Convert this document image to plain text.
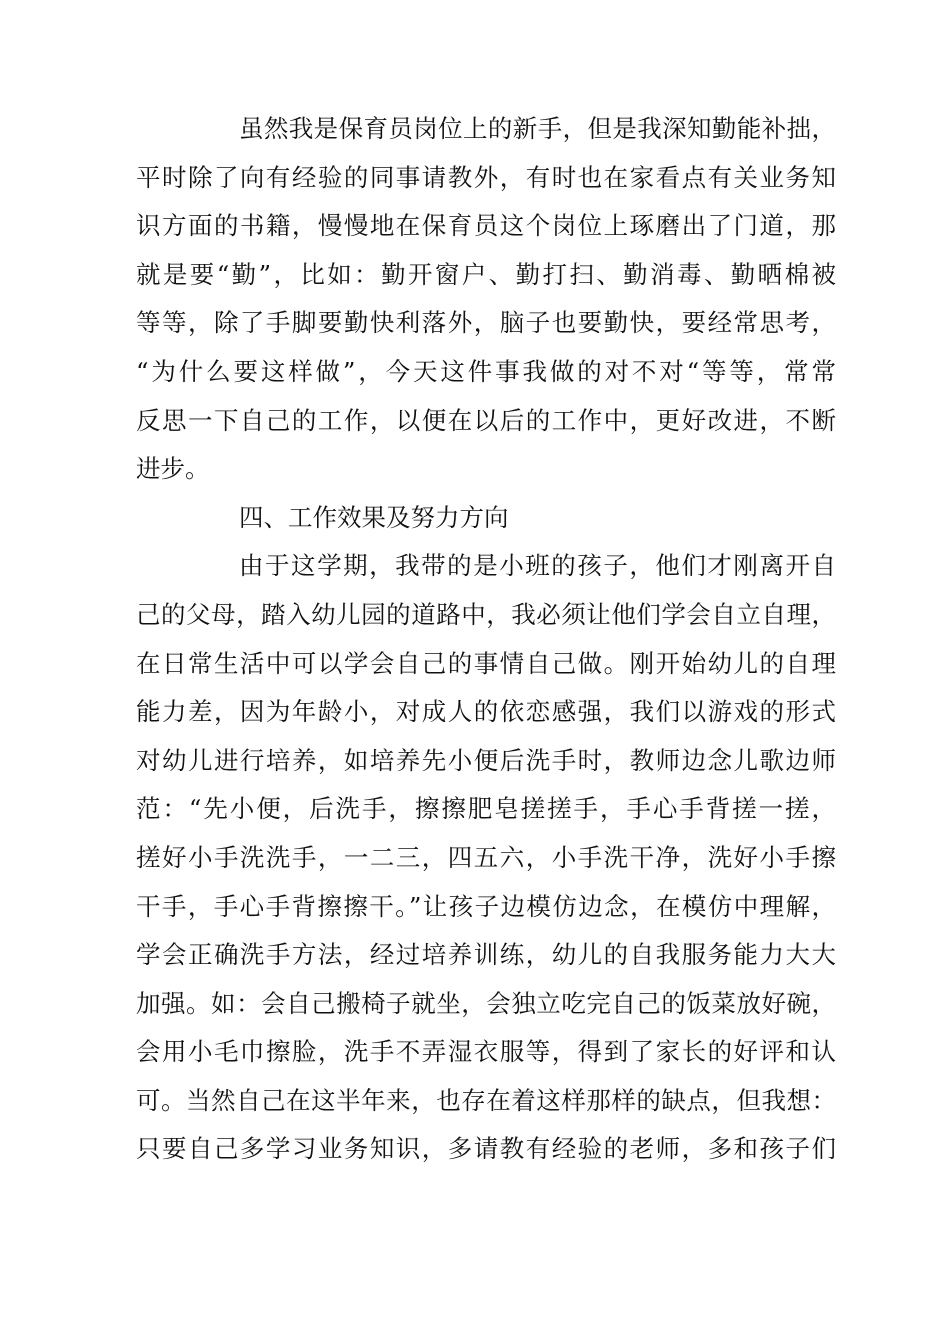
虽然我是保育员岗位上的新手，但是我深知勤能补拙，
平时除了向有经验的同事请教外，有时也在家看点有关业务知
识方面的书籍，慢慢地在保育员这个岗位上琢磨出了门道，那
就是要“勤”，比如：勤开窗户、勤打扫、勤消毒、勤晒棉被
等等，除了手脚要勤快利落外，脑子也要勤快，要经常思考，
“为什么要这样做”，今天这件事我做的对不对“等等，常常
反思一下自己的工作，以便在以后的工作中，更好改进，不断
进步。
四、工作效果及努力方向
由于这学期，我带的是小班的孩子，他们才刚离开自
己的父母，踏入幼儿园的道路中，我必须让他们学会自立自理，
在日常生活中可以学会自己的事情自己做。刚开始幼儿的自理
能力差，因为年龄小，对成人的依恋感强，我们以游戏的形式
对幼儿进行培养，如培养先小便后洗手时，教师边念儿歌边师
范：“先小便，后洗手，擦擦肥皂搓搓手，手心手背搓一搓，
搓好小手洗洗手，一二三，四五六，小手洗干净，洗好小手擦
干手，手心手背擦擦干。”让孩子边模仿边念，在模仿中理解，
学会正确洗手方法，经过培养训练，幼儿的自我服务能力大大
加强。如：会自己搬椅子就坐，会独立吃完自己的饭菜放好碗，
会用小毛巾擦脸，洗手不弄湿衣服等，得到了家长的好评和认
可。当然自己在这半年来，也存在着这样那样的缺点，但我想：
只要自己多学习业务知识，多请教有经验的老师，多和孩子们
